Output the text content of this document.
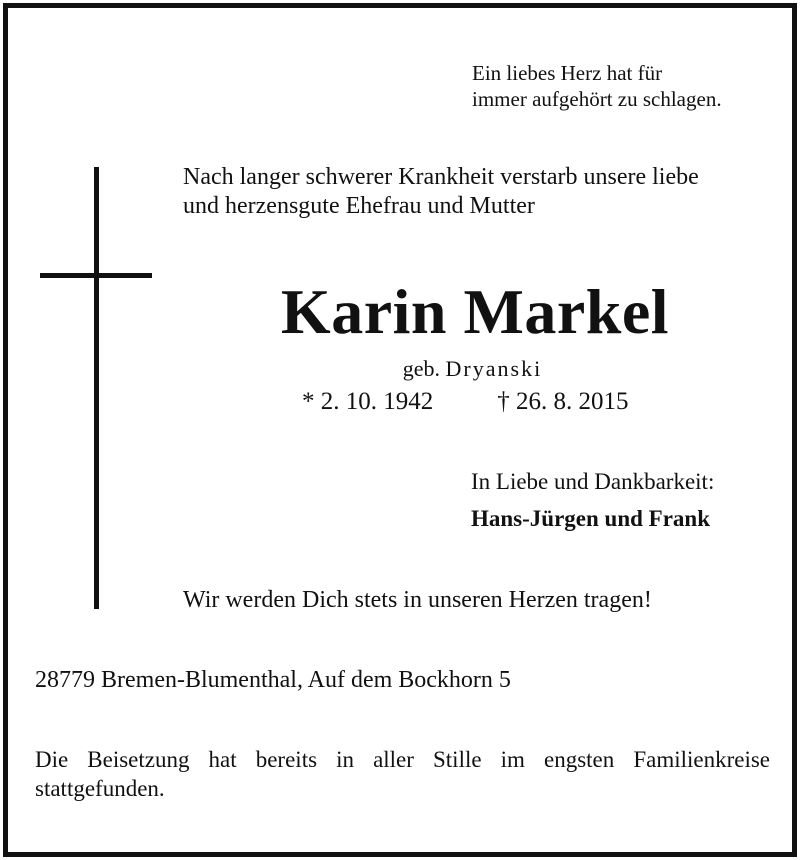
Ein liebes Herz hat für
immer aufgehört zu schlagen.
Nach langer schwerer Krankheit verstarb unsere liebe
und herzensgute Ehefrau und Mutter
Karin Markel
geb. Dryanski
* 2. 10. 1942	† 26. 8. 2015
In Liebe und Dankbarkeit:
Hans-Jürgen und Frank
Wir werden Dich stets in unseren Herzen tragen!
28779 Bremen-Blumenthal, Auf dem Bockhorn 5
Die Beisetzung hat bereits in aller Stille im engsten Familienkreise stattgefunden.
